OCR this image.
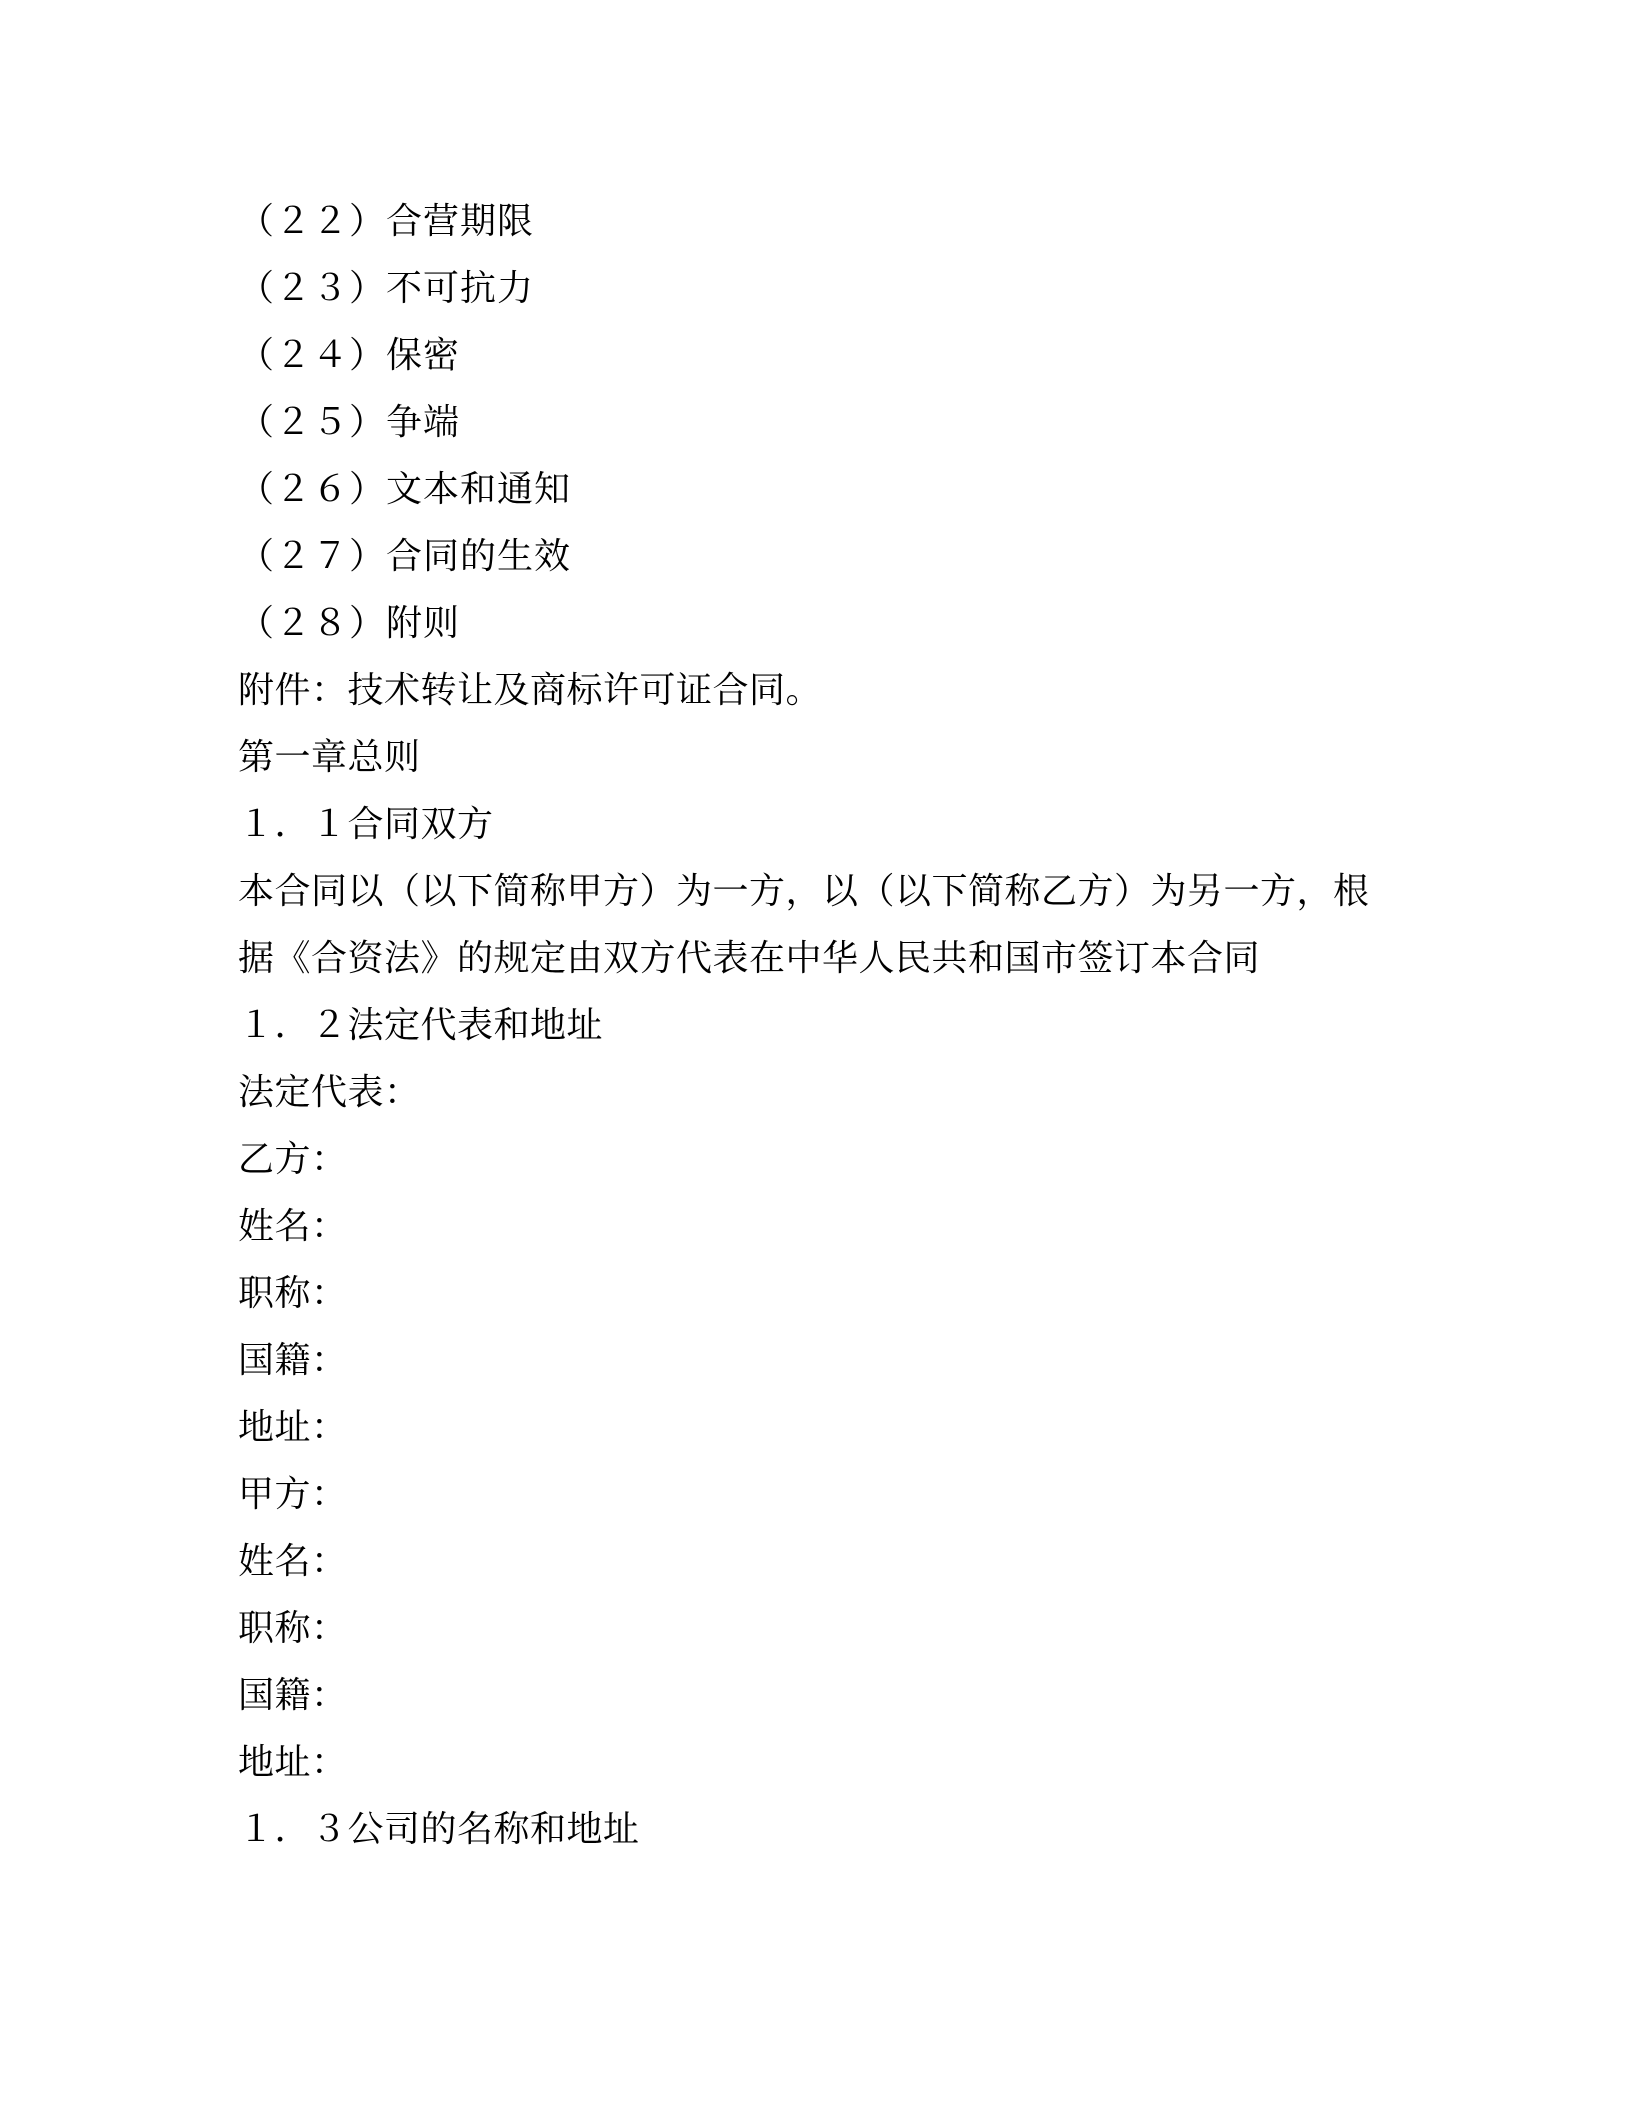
（２２）合营期限
（２３）不可抗力
（２４）保密
（２５）争端
（２６）文本和通知
（２７）合同的生效
（２８）附则
附件：技术转让及商标许可证合同。
第一章总则
１．１合同双方
本合同以（以下简称甲方）为一方，以（以下简称乙方）为另一方，根
据《合资法》的规定由双方代表在中华人民共和国市签订本合同
１．２法定代表和地址
法定代表：
乙方：
姓名：
职称：
国籍：
地址：
甲方：
姓名：
职称：
国籍：
地址：
１．３公司的名称和地址
